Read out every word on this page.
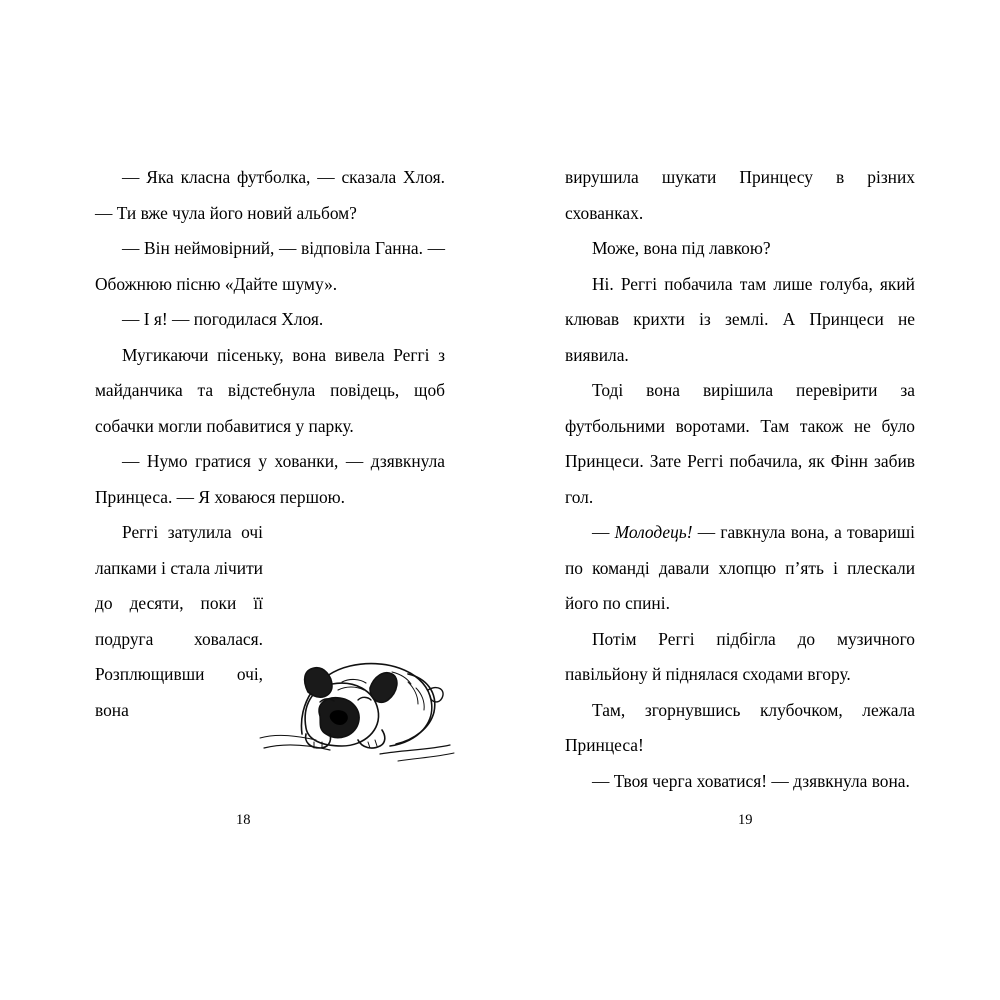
— Яка класна футболка, — сказала Хлоя. — Ти вже чула його новий альбом?

— Він неймовірний, — відповіла Ганна. — Обожнюю пісню «Дайте шуму».

— І я! — погодилася Хлоя.

Мугикаючи пісеньку, вона вивела Реггі з майданчика та відстебнула повідець, щоб собачки могли побавитися у парку.

— Нумо гратися у хованки, — дзявкнула Принцеса. — Я ховаюся першою.

Реггі затулила очі лапками і стала лічити до десяти, поки її подруга ховалася. Розплющивши очі, вона

вирушила шукати Принцесу в різних схованках.

Може, вона під лавкою?

Ні. Реггі побачила там лише голуба, який клював крихти із землі. А Принцеси не виявила.

Тоді вона вирішила перевірити за футбольними воротами. Там також не було Принцеси. Зате Реггі побачила, як Фінн забив гол.

— Молодець! — гавкнула вона, а товариші по команді давали хлопцю п’ять і плескали його по спині.

Потім Реггі підбігла до музичного павільйону й піднялася сходами вгору.

Там, згорнувшись клубочком, лежала Принцеса!

— Твоя черга ховатися! — дзявкнула вона.

18	19
